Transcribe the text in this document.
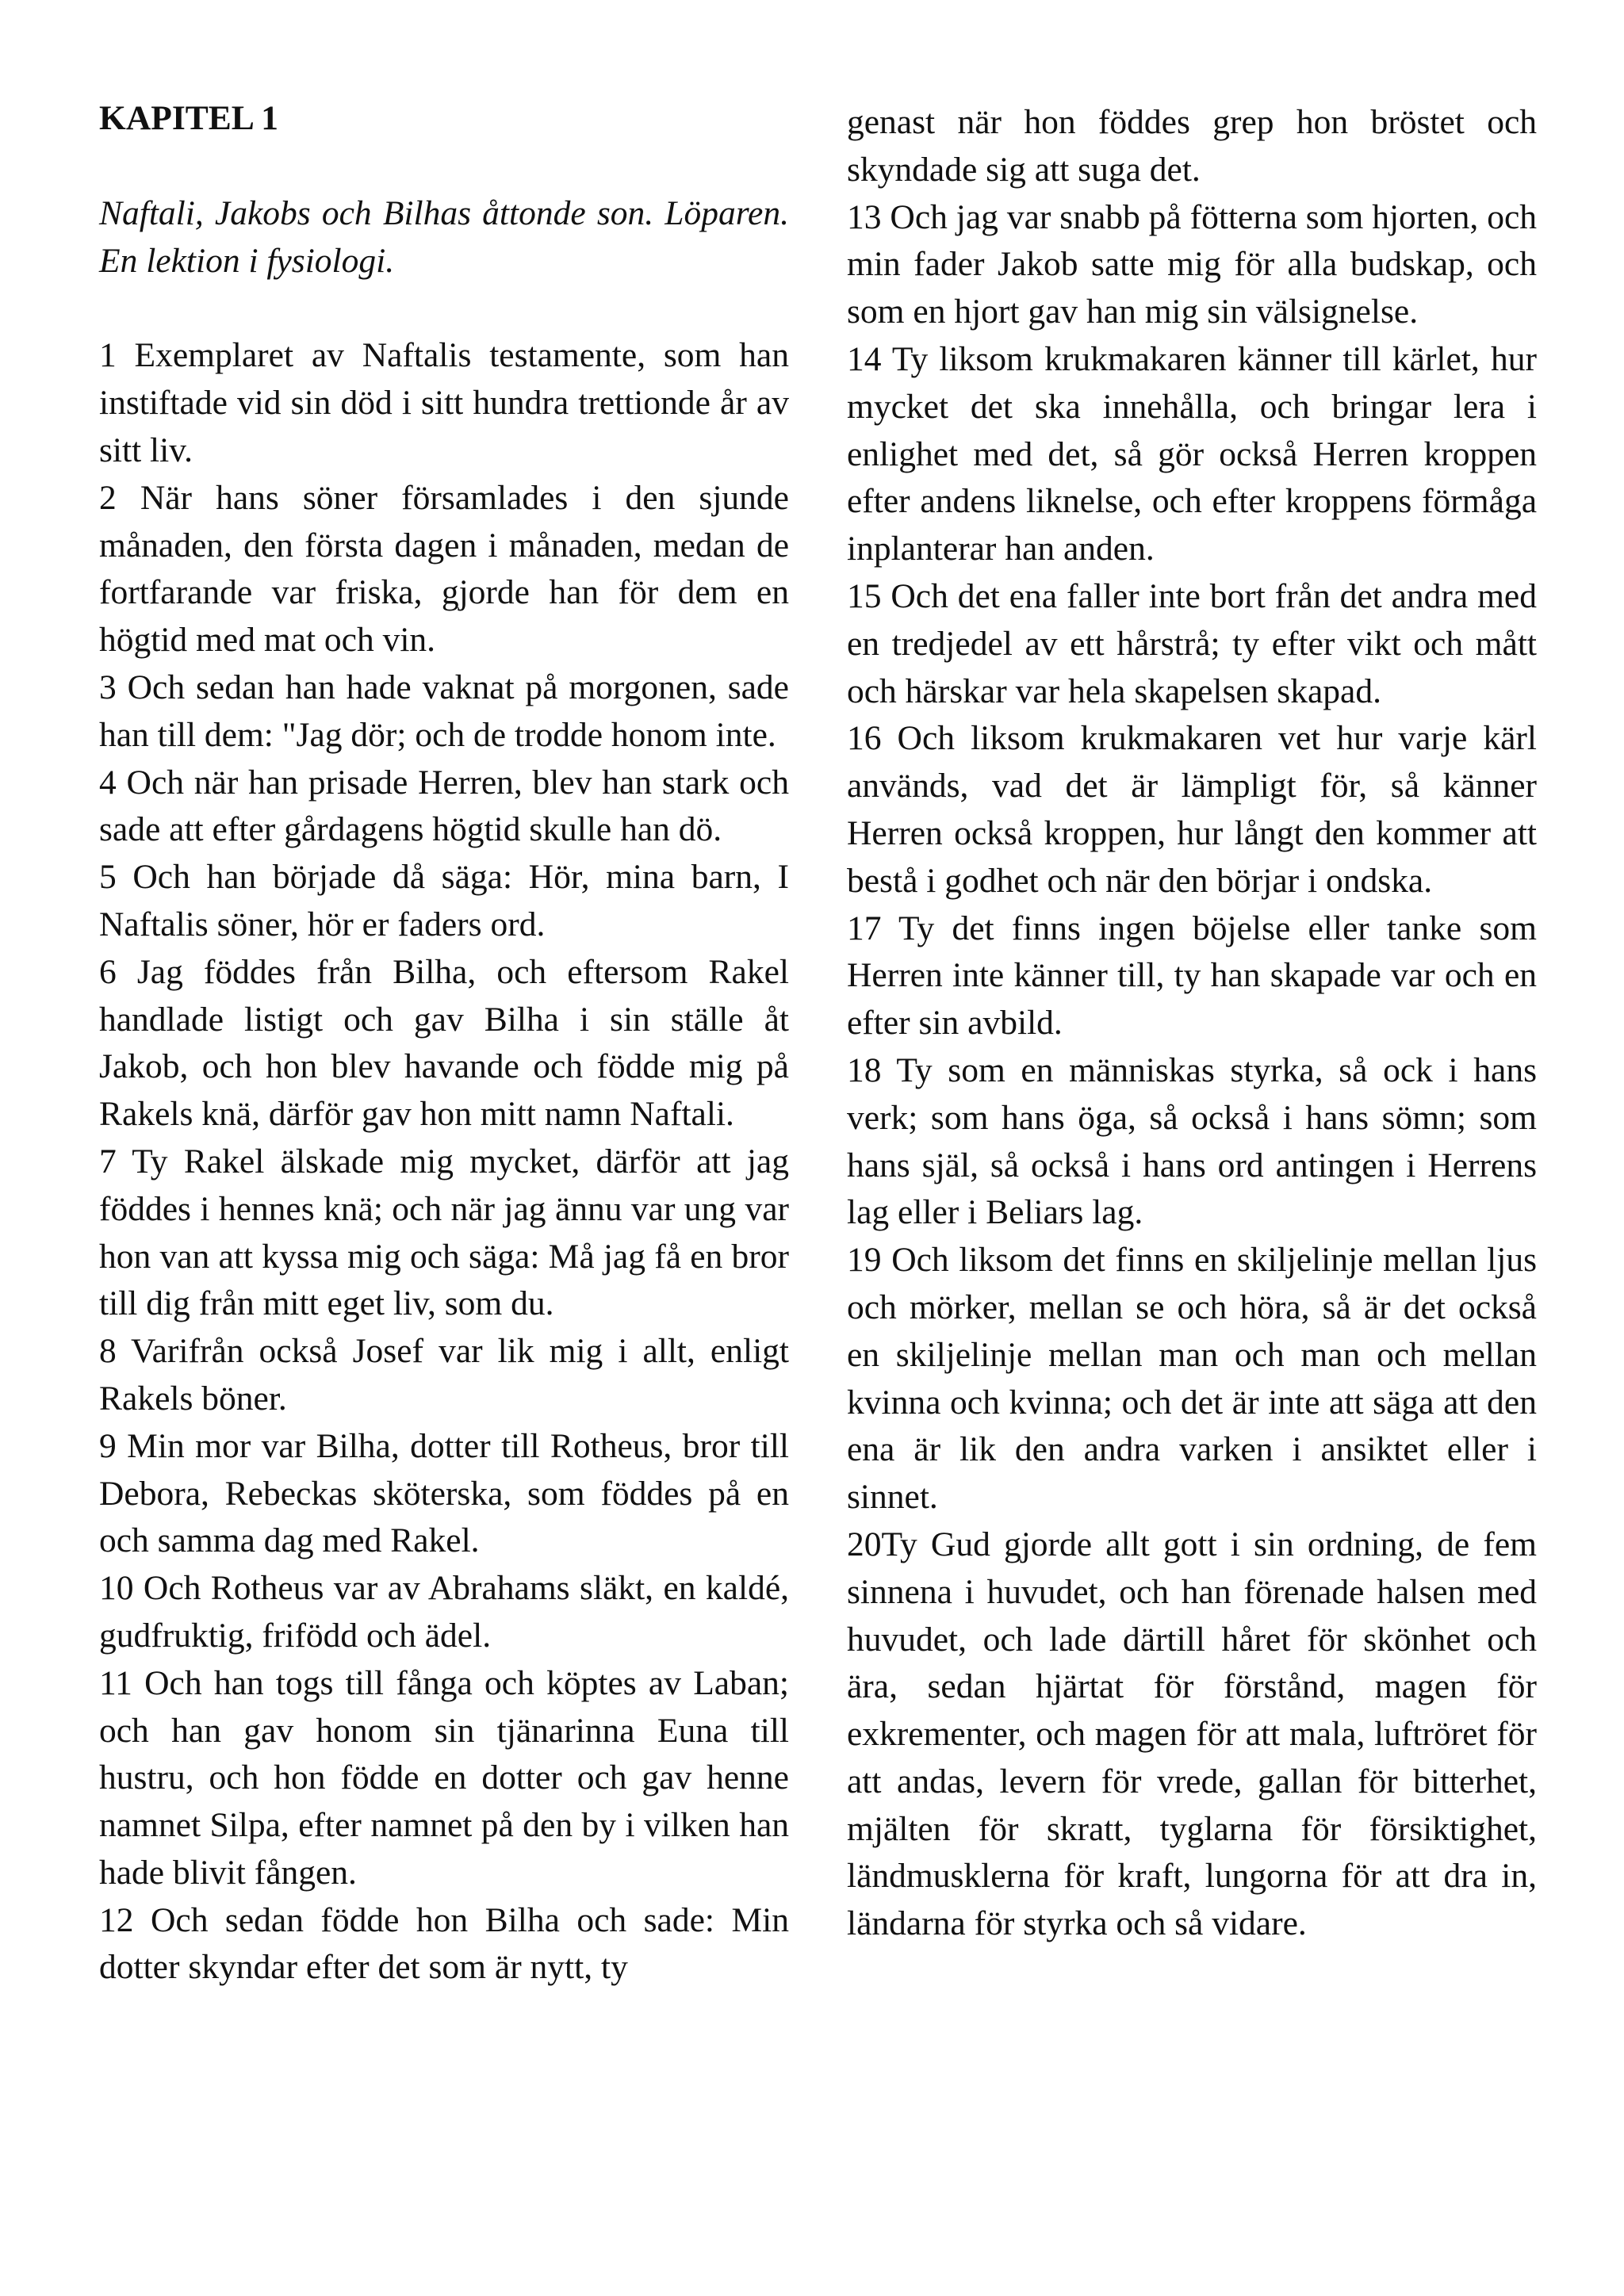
KAPITEL 1

Naftali, Jakobs och Bilhas åttonde son. Löparen. En lektion i fysiologi.

1 Exemplaret av Naftalis testamente, som han instiftade vid sin död i sitt hundra trettionde år av sitt liv.

2 När hans söner församlades i den sjunde månaden, den första dagen i månaden, medan de fortfarande var friska, gjorde han för dem en högtid med mat och vin.

3 Och sedan han hade vaknat på morgonen, sade han till dem: "Jag dör; och de trodde honom inte.

4 Och när han prisade Herren, blev han stark och sade att efter gårdagens högtid skulle han dö.

5 Och han började då säga: Hör, mina barn, I Naftalis söner, hör er faders ord.

6 Jag föddes från Bilha, och eftersom Rakel handlade listigt och gav Bilha i sin ställe åt Jakob, och hon blev havande och födde mig på Rakels knä, därför gav hon mitt namn Naftali.

7 Ty Rakel älskade mig mycket, därför att jag föddes i hennes knä; och när jag ännu var ung var hon van att kyssa mig och säga: Må jag få en bror till dig från mitt eget liv, som du.

8 Varifrån också Josef var lik mig i allt, enligt Rakels böner.

9 Min mor var Bilha, dotter till Rotheus, bror till Debora, Rebeckas sköterska, som föddes på en och samma dag med Rakel.

10 Och Rotheus var av Abrahams släkt, en kaldé, gudfruktig, frifödd och ädel.

11 Och han togs till fånga och köptes av Laban; och han gav honom sin tjänarinna Euna till hustru, och hon födde en dotter och gav henne namnet Silpa, efter namnet på den by i vilken han hade blivit fången.

12 Och sedan födde hon Bilha och sade: Min dotter skyndar efter det som är nytt, ty

genast när hon föddes grep hon bröstet och skyndade sig att suga det.

13 Och jag var snabb på fötterna som hjorten, och min fader Jakob satte mig för alla budskap, och som en hjort gav han mig sin välsignelse.

14 Ty liksom krukmakaren känner till kärlet, hur mycket det ska innehålla, och bringar lera i enlighet med det, så gör också Herren kroppen efter andens liknelse, och efter kroppens förmåga inplanterar han anden.

15 Och det ena faller inte bort från det andra med en tredjedel av ett hårstrå; ty efter vikt och mått och härskar var hela skapelsen skapad.

16 Och liksom krukmakaren vet hur varje kärl används, vad det är lämpligt för, så känner Herren också kroppen, hur långt den kommer att bestå i godhet och när den börjar i ondska.

17 Ty det finns ingen böjelse eller tanke som Herren inte känner till, ty han skapade var och en efter sin avbild.

18 Ty som en människas styrka, så ock i hans verk; som hans öga, så också i hans sömn; som hans själ, så också i hans ord antingen i Herrens lag eller i Beliars lag.

19 Och liksom det finns en skiljelinje mellan ljus och mörker, mellan se och höra, så är det också en skiljelinje mellan man och man och mellan kvinna och kvinna; och det är inte att säga att den ena är lik den andra varken i ansiktet eller i sinnet.

20Ty Gud gjorde allt gott i sin ordning, de fem sinnena i huvudet, och han förenade halsen med huvudet, och lade därtill håret för skönhet och ära, sedan hjärtat för förstånd, magen för exkrementer, och magen för att mala, luftröret för att andas, levern för vrede, gallan för bitterhet, mjälten för skratt, tyglarna för försiktighet, ländmusklerna för kraft, lungorna för att dra in, ländarna för styrka och så vidare.
